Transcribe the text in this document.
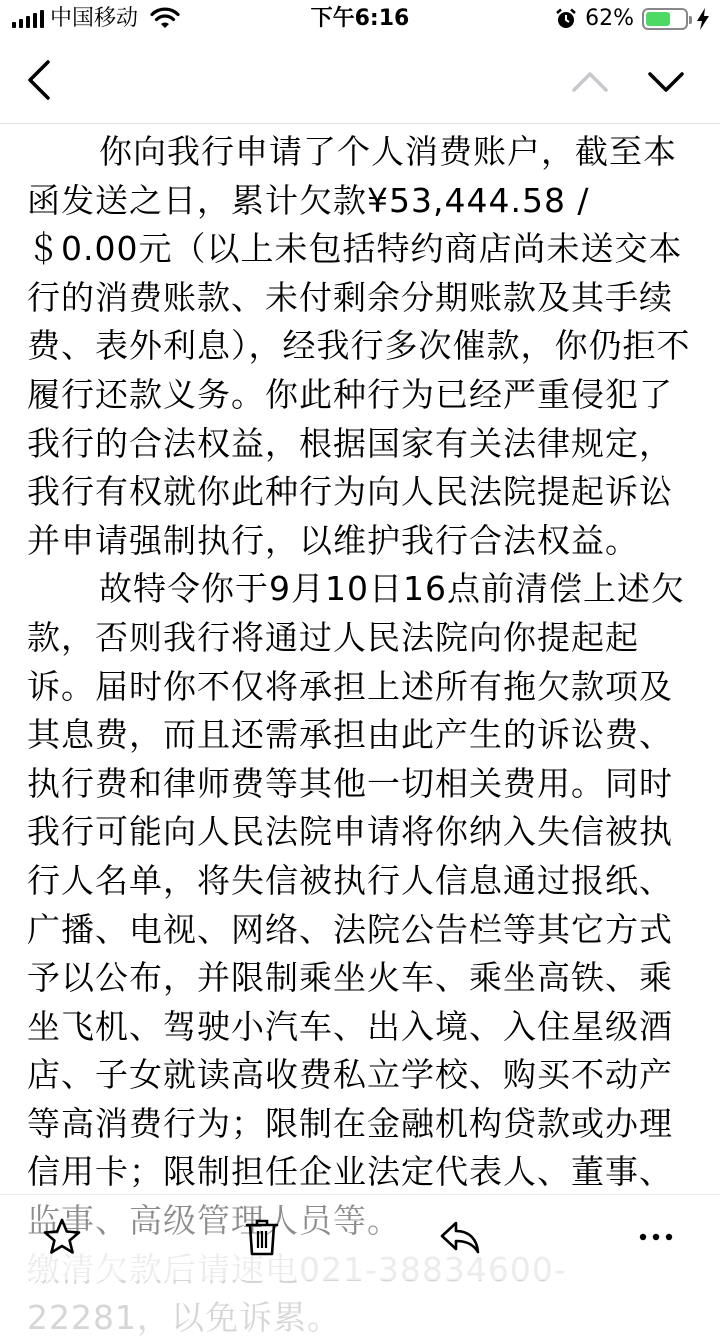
中国移动	下午6:16	62%

你向我行申请了个人消费账户，截至本函发送之日，累计欠款¥53,444.58 / ＄0.00元（以上未包括特约商店尚未送交本行的消费账款、未付剩余分期账款及其手续费、表外利息），经我行多次催款，你仍拒不履行还款义务。你此种行为已经严重侵犯了我行的合法权益，根据国家有关法律规定，我行有权就你此种行为向人民法院提起诉讼并申请强制执行，以维护我行合法权益。

故特令你于9月10日16点前清偿上述欠款，否则我行将通过人民法院向你提起起诉。届时你不仅将承担上述所有拖欠款项及其息费，而且还需承担由此产生的诉讼费、执行费和律师费等其他一切相关费用。同时我行可能向人民法院申请将你纳入失信被执行人名单，将失信被执行人信息通过报纸、广播、电视、网络、法院公告栏等其它方式予以公布，并限制乘坐火车、乘坐高铁、乘坐飞机、驾驶小汽车、出入境、入住星级酒店、子女就读高收费私立学校、购买不动产等高消费行为；限制在金融机构贷款或办理信用卡；限制担任企业法定代表人、董事、

22281，以免诉累。
